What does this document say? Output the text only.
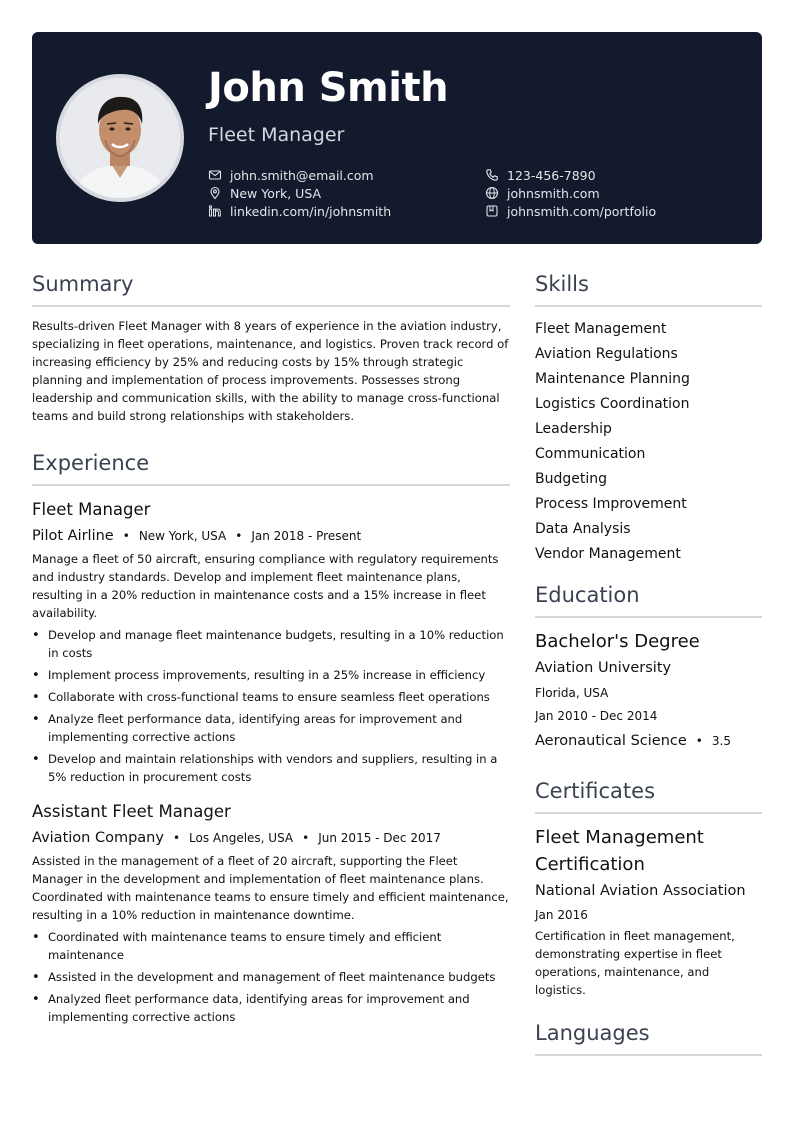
John Smith
Fleet Manager
john.smith@email.com
New York, USA
linkedin.com/in/johnsmith
123-456-7890
johnsmith.com
johnsmith.com/portfolio
Summary

Results-driven Fleet Manager with 8 years of experience in the aviation industry, specializing in fleet operations, maintenance, and logistics. Proven track record of increasing efficiency by 25% and reducing costs by 15% through strategic planning and implementation of process improvements. Possesses strong leadership and communication skills, with the ability to manage cross-functional teams and build strong relationships with stakeholders.

Experience
Fleet Manager
Pilot Airline • New York, USA • Jan 2018 - Present

Manage a fleet of 50 aircraft, ensuring compliance with regulatory requirements and industry standards. Develop and implement fleet maintenance plans, resulting in a 20% reduction in maintenance costs and a 15% increase in fleet availability.

• Develop and manage fleet maintenance budgets, resulting in a 10% reduction in costs
• Implement process improvements, resulting in a 25% increase in efficiency
• Collaborate with cross-functional teams to ensure seamless fleet operations
• Analyze fleet performance data, identifying areas for improvement and implementing corrective actions
• Develop and maintain relationships with vendors and suppliers, resulting in a 5% reduction in procurement costs
Assistant Fleet Manager
Aviation Company • Los Angeles, USA • Jun 2015 - Dec 2017

Assisted in the management of a fleet of 20 aircraft, supporting the Fleet Manager in the development and implementation of fleet maintenance plans. Coordinated with maintenance teams to ensure timely and efficient maintenance, resulting in a 10% reduction in maintenance downtime.

• Coordinated with maintenance teams to ensure timely and efficient maintenance
• Assisted in the development and management of fleet maintenance budgets
• Analyzed fleet performance data, identifying areas for improvement and implementing corrective actions
Skills
Fleet Management
Aviation Regulations
Maintenance Planning
Logistics Coordination
Leadership
Communication
Budgeting
Process Improvement
Data Analysis
Vendor Management
Education
Bachelor's Degree
Aviation University
Florida, USA
Jan 2010 - Dec 2014
Aeronautical Science • 3.5
Certificates
Fleet Management Certification
National Aviation Association
Jan 2016

Certification in fleet management, demonstrating expertise in fleet operations, maintenance, and logistics.

Languages
